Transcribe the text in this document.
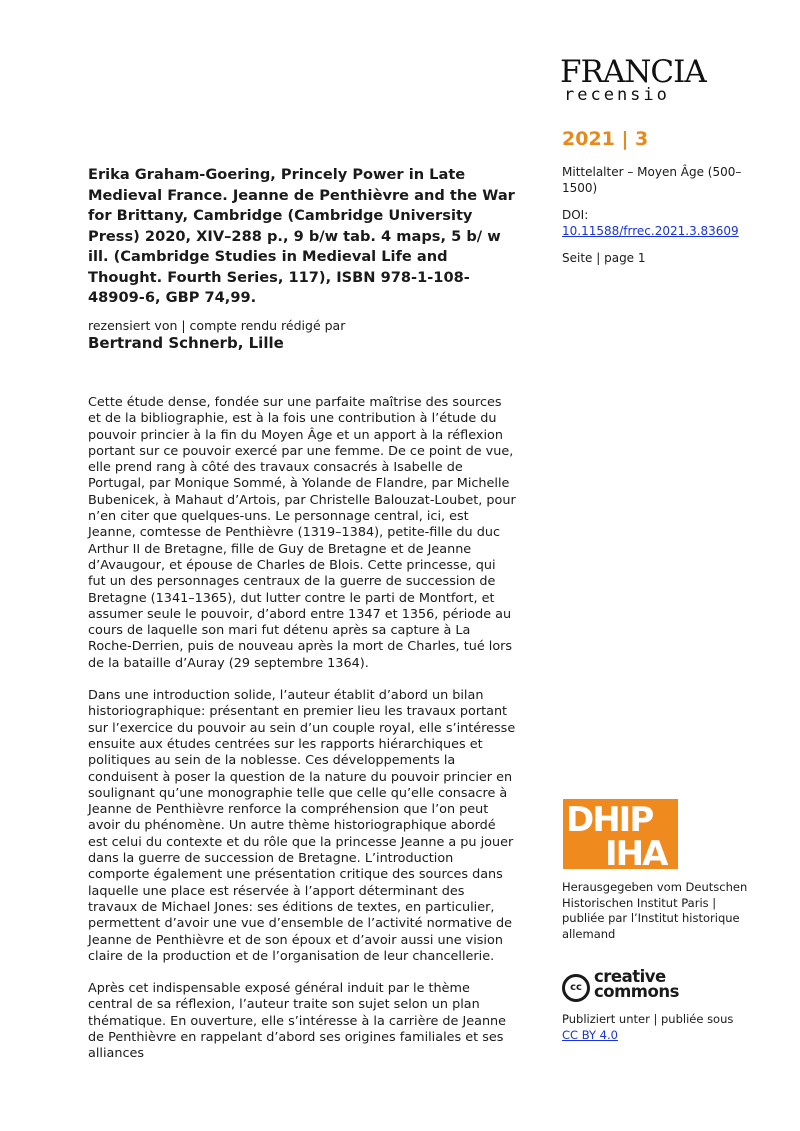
FRANCIA
recensio
2021 | 3
Mittelalter – Moyen Âge (500–1500)
DOI:
10.11588/frrec.2021.3.83609
Seite | page 1
Erika Graham-Goering, Princely Power in Late Medieval France. Jeanne de Penthièvre and the War for Brittany, Cambridge (Cambridge University Press) 2020, XIV–288 p., 9 b/w tab. 4 maps, 5 b/ w ill. (Cambridge Studies in Medieval Life and Thought. Fourth Series, 117), ISBN 978-1-108-48909-6, GBP 74,99.
rezensiert von | compte rendu rédigé par
Bertrand Schnerb, Lille

Cette étude dense, fondée sur une parfaite maîtrise des sources et de la bibliographie, est à la fois une contribution à l’étude du pouvoir princier à la fin du Moyen Âge et un apport à la réflexion portant sur ce pouvoir exercé par une femme. De ce point de vue, elle prend rang à côté des travaux consacrés à Isabelle de Portugal, par Monique Sommé, à Yolande de Flandre, par Michelle Bubenicek, à Mahaut d’Artois, par Christelle Balouzat-Loubet, pour n’en citer que quelques-uns. Le personnage central, ici, est Jeanne, comtesse de Penthièvre (1319–1384), petite-fille du duc Arthur II de Bretagne, fille de Guy de Bretagne et de Jeanne d’Avaugour, et épouse de Charles de Blois. Cette princesse, qui fut un des personnages centraux de la guerre de succession de Bretagne (1341–1365), dut lutter contre le parti de Montfort, et assumer seule le pouvoir, d’abord entre 1347 et 1356, période au cours de laquelle son mari fut détenu après sa capture à La Roche-Derrien, puis de nouveau après la mort de Charles, tué lors de la bataille d’Auray (29 septembre 1364).

Dans une introduction solide, l’auteur établit d’abord un bilan historiographique: présentant en premier lieu les travaux portant sur l’exercice du pouvoir au sein d’un couple royal, elle s’intéresse ensuite aux études centrées sur les rapports hiérarchiques et politiques au sein de la noblesse. Ces développements la conduisent à poser la question de la nature du pouvoir princier en soulignant qu’une monographie telle que celle qu’elle consacre à Jeanne de Penthièvre renforce la compréhension que l’on peut avoir du phénomène. Un autre thème historiographique abordé est celui du contexte et du rôle que la princesse Jeanne a pu jouer dans la guerre de succession de Bretagne. L’introduction comporte également une présentation critique des sources dans laquelle une place est réservée à l’apport déterminant des travaux de Michael Jones: ses éditions de textes, en particulier, permettent d’avoir une vue d’ensemble de l’activité normative de Jeanne de Penthièvre et de son époux et d’avoir aussi une vision claire de la production et de l’organisation de leur chancellerie.

Après cet indispensable exposé général induit par le thème central de sa réflexion, l’auteur traite son sujet selon un plan thématique. En ouverture, elle s’intéresse à la carrière de Jeanne de Penthièvre en rappelant d’abord ses origines familiales et ses alliances

DHIP
IHA
Herausgegeben vom Deutschen Historischen Institut Paris | publiée par l’Institut historique allemand
cc
creative
commons
Publiziert unter | publiée sous
CC BY 4.0
